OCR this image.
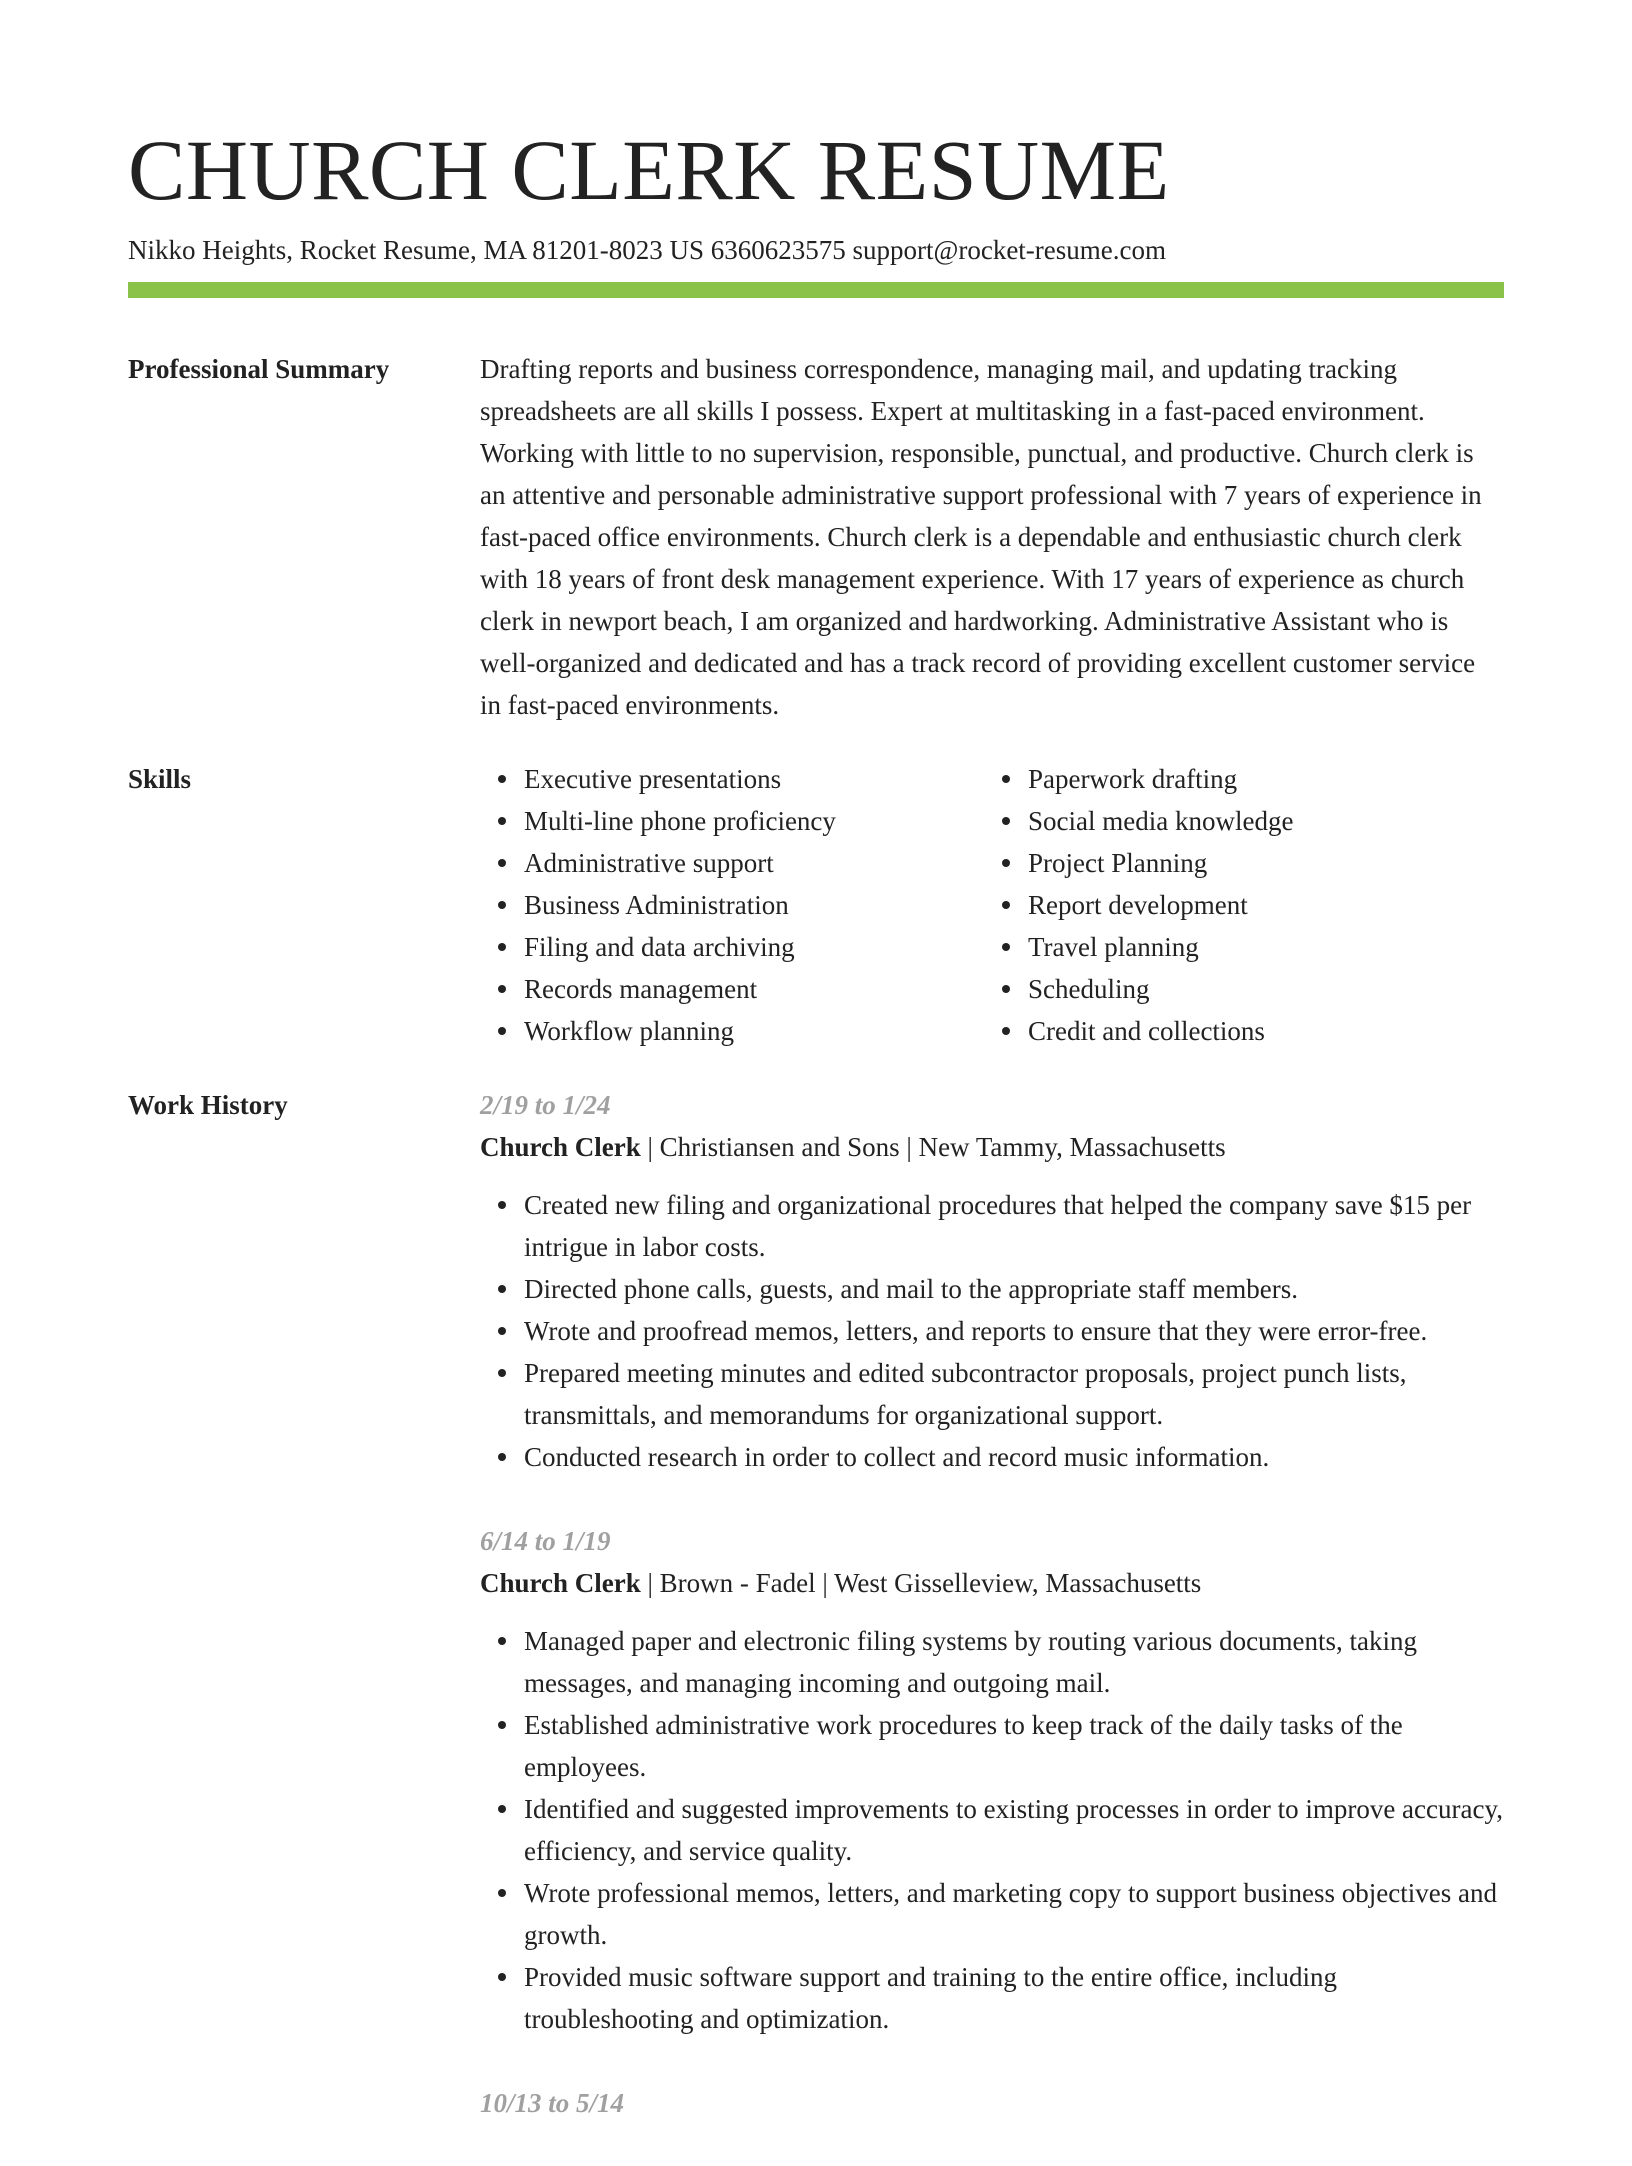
CHURCH CLERK RESUME
Nikko Heights, Rocket Resume, MA 81201-8023 US 6360623575 support@rocket-resume.com
Professional Summary	Drafting reports and business correspondence, managing mail, and updating tracking spreadsheets are all skills I possess. Expert at multitasking in a fast-paced environment. Working with little to no supervision, responsible, punctual, and productive. Church clerk is an attentive and personable administrative support professional with 7 years of experience in fast-paced office environments. Church clerk is a dependable and enthusiastic church clerk with 18 years of front desk management experience. With 17 years of experience as church clerk in newport beach, I am organized and hardworking. Administrative Assistant who is well-organized and dedicated and has a track record of providing excellent customer service in fast-paced environments.

Skills	Executive presentations
Multi-line phone proficiency
Administrative support
Business Administration
Filing and data archiving
Records management
Workflow planning
Paperwork drafting
Social media knowledge
Project Planning
Report development
Travel planning
Scheduling
Credit and collections
Work History	2/19 to 1/24
Church Clerk | Christiansen and Sons | New Tammy, Massachusetts
Created new filing and organizational procedures that helped the company save $15 per intrigue in labor costs.
Directed phone calls, guests, and mail to the appropriate staff members.
Wrote and proofread memos, letters, and reports to ensure that they were error-free.
Prepared meeting minutes and edited subcontractor proposals, project punch lists, transmittals, and memorandums for organizational support.
Conducted research in order to collect and record music information.
6/14 to 1/19
Church Clerk | Brown - Fadel | West Gisselleview, Massachusetts
Managed paper and electronic filing systems by routing various documents, taking messages, and managing incoming and outgoing mail.
Established administrative work procedures to keep track of the daily tasks of the employees.
Identified and suggested improvements to existing processes in order to improve accuracy, efficiency, and service quality.
Wrote professional memos, letters, and marketing copy to support business objectives and growth.
Provided music software support and training to the entire office, including troubleshooting and optimization.
10/13 to 5/14
